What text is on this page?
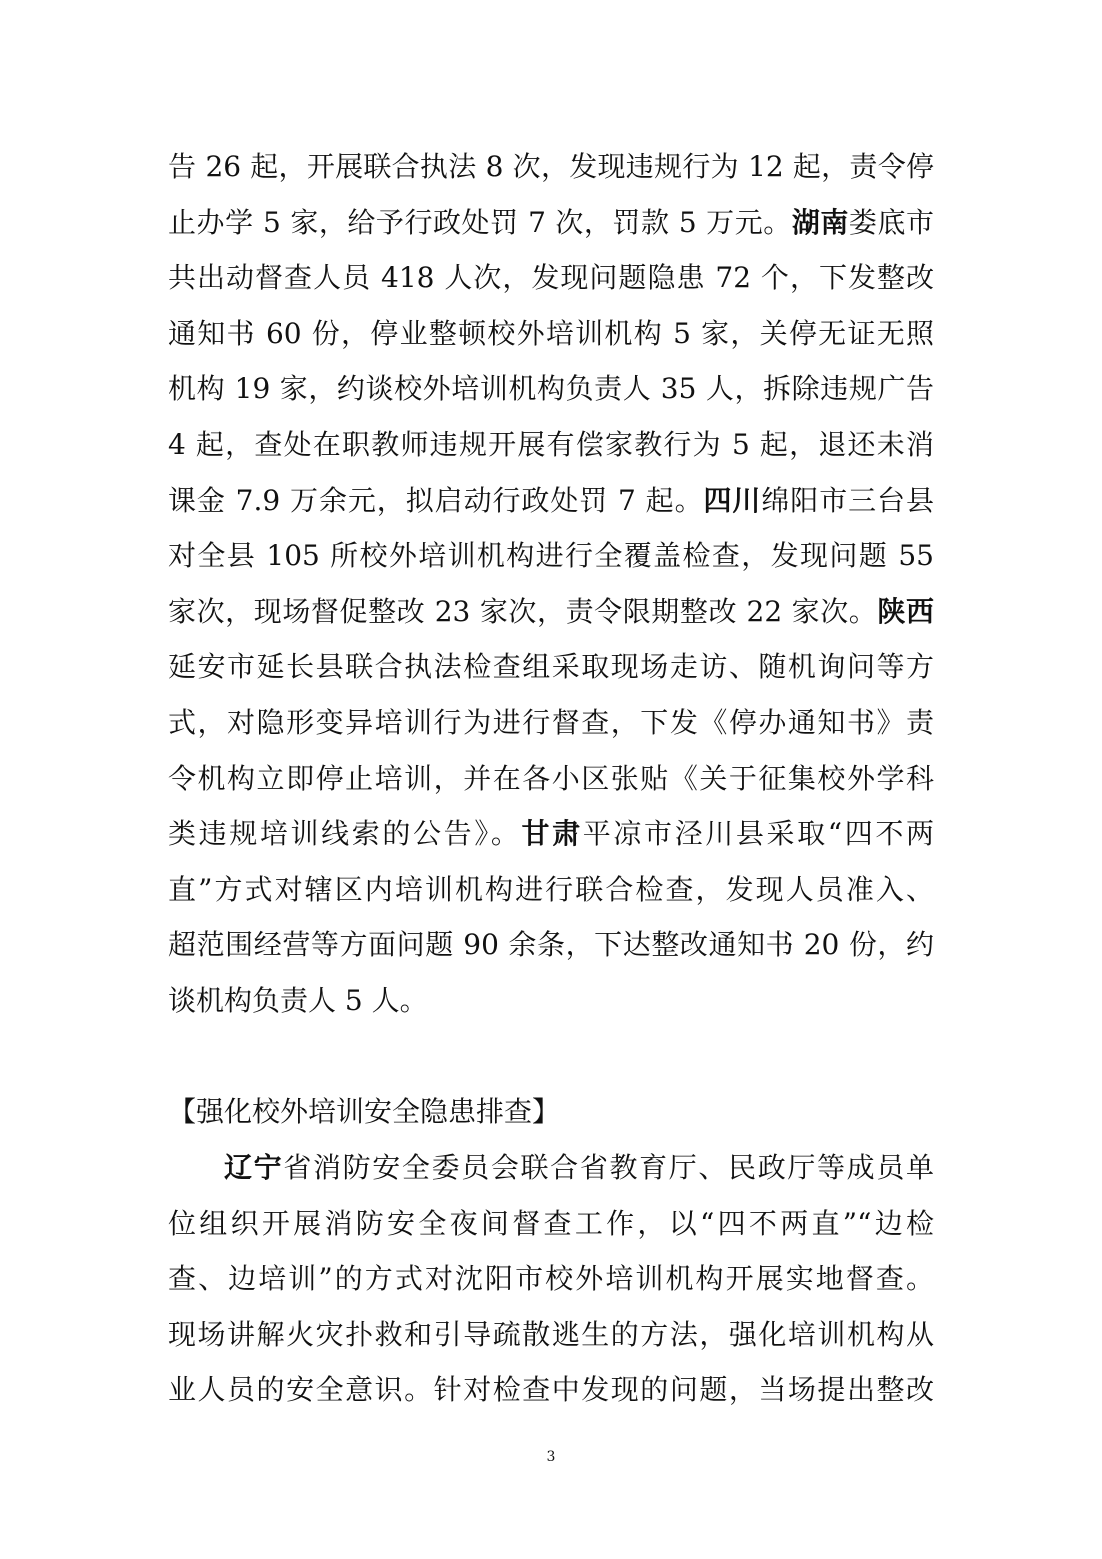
告 26 起，开展联合执法 8 次，发现违规行为 12 起，责令停
止办学 5 家，给予行政处罚 7 次，罚款 5 万元。湖南娄底市
共出动督查人员 418 人次，发现问题隐患 72 个，下发整改
通知书 60 份，停业整顿校外培训机构 5 家，关停无证无照
机构 19 家，约谈校外培训机构负责人 35 人，拆除违规广告
4 起，查处在职教师违规开展有偿家教行为 5 起，退还未消
课金 7.9 万余元，拟启动行政处罚 7 起。四川绵阳市三台县
对全县 105 所校外培训机构进行全覆盖检查，发现问题 55
家次，现场督促整改 23 家次，责令限期整改 22 家次。陕西
延安市延长县联合执法检查组采取现场走访、随机询问等方
式，对隐形变异培训行为进行督查，下发《停办通知书》责
令机构立即停止培训，并在各小区张贴《关于征集校外学科
类违规培训线索的公告》。甘肃平凉市泾川县采取“四不两
直”方式对辖区内培训机构进行联合检查，发现人员准入、
超范围经营等方面问题 90 余条，下达整改通知书 20 份，约
谈机构负责人 5 人。
【强化校外培训安全隐患排查】
辽宁省消防安全委员会联合省教育厅、民政厅等成员单
位组织开展消防安全夜间督查工作，以“四不两直”“边检
查、边培训”的方式对沈阳市校外培训机构开展实地督查。
现场讲解火灾扑救和引导疏散逃生的方法，强化培训机构从
业人员的安全意识。针对检查中发现的问题，当场提出整改
3
